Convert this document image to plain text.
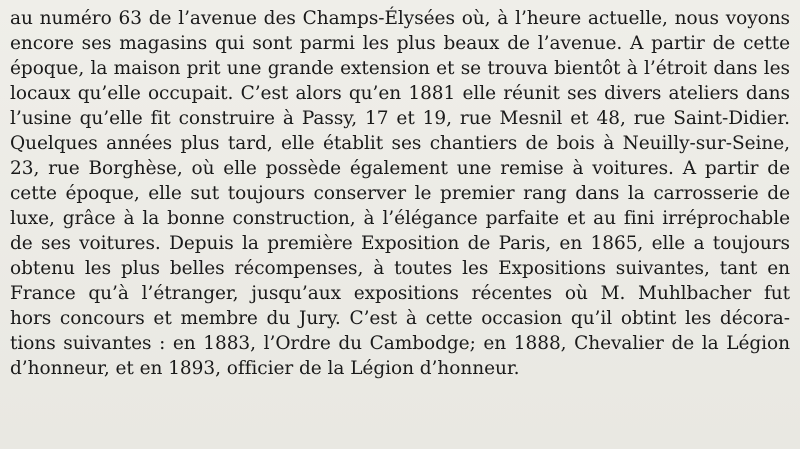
au numéro 63 de l’avenue des Champs-Élysées où, à l’heure actuelle, nous voyons
encore ses magasins qui sont parmi les plus beaux de l’avenue. A partir de cette
époque, la maison prit une grande extension et se trouva bientôt à l’étroit dans les
locaux qu’elle occupait. C’est alors qu’en 1881 elle réunit ses divers ateliers dans
l’usine qu’elle fit construire à Passy, 17 et 19, rue Mesnil et 48, rue Saint-Didier.
Quelques années plus tard, elle établit ses chantiers de bois à Neuilly-sur-Seine,
23, rue Borghèse, où elle possède également une remise à voitures. A partir de
cette époque, elle sut toujours conserver le premier rang dans la carrosserie de
luxe, grâce à la bonne construction, à l’élégance parfaite et au fini irréprochable
de ses voitures. Depuis la première Exposition de Paris, en 1865, elle a toujours
obtenu les plus belles récompenses, à toutes les Expositions suivantes, tant en
France qu’à l’étranger, jusqu’aux expositions récentes où M. Muhlbacher fut
hors concours et membre du Jury. C’est à cette occasion qu’il obtint les décora-
tions suivantes : en 1883, l’Ordre du Cambodge; en 1888, Chevalier de la Légion
d’honneur, et en 1893, officier de la Légion d’honneur.
